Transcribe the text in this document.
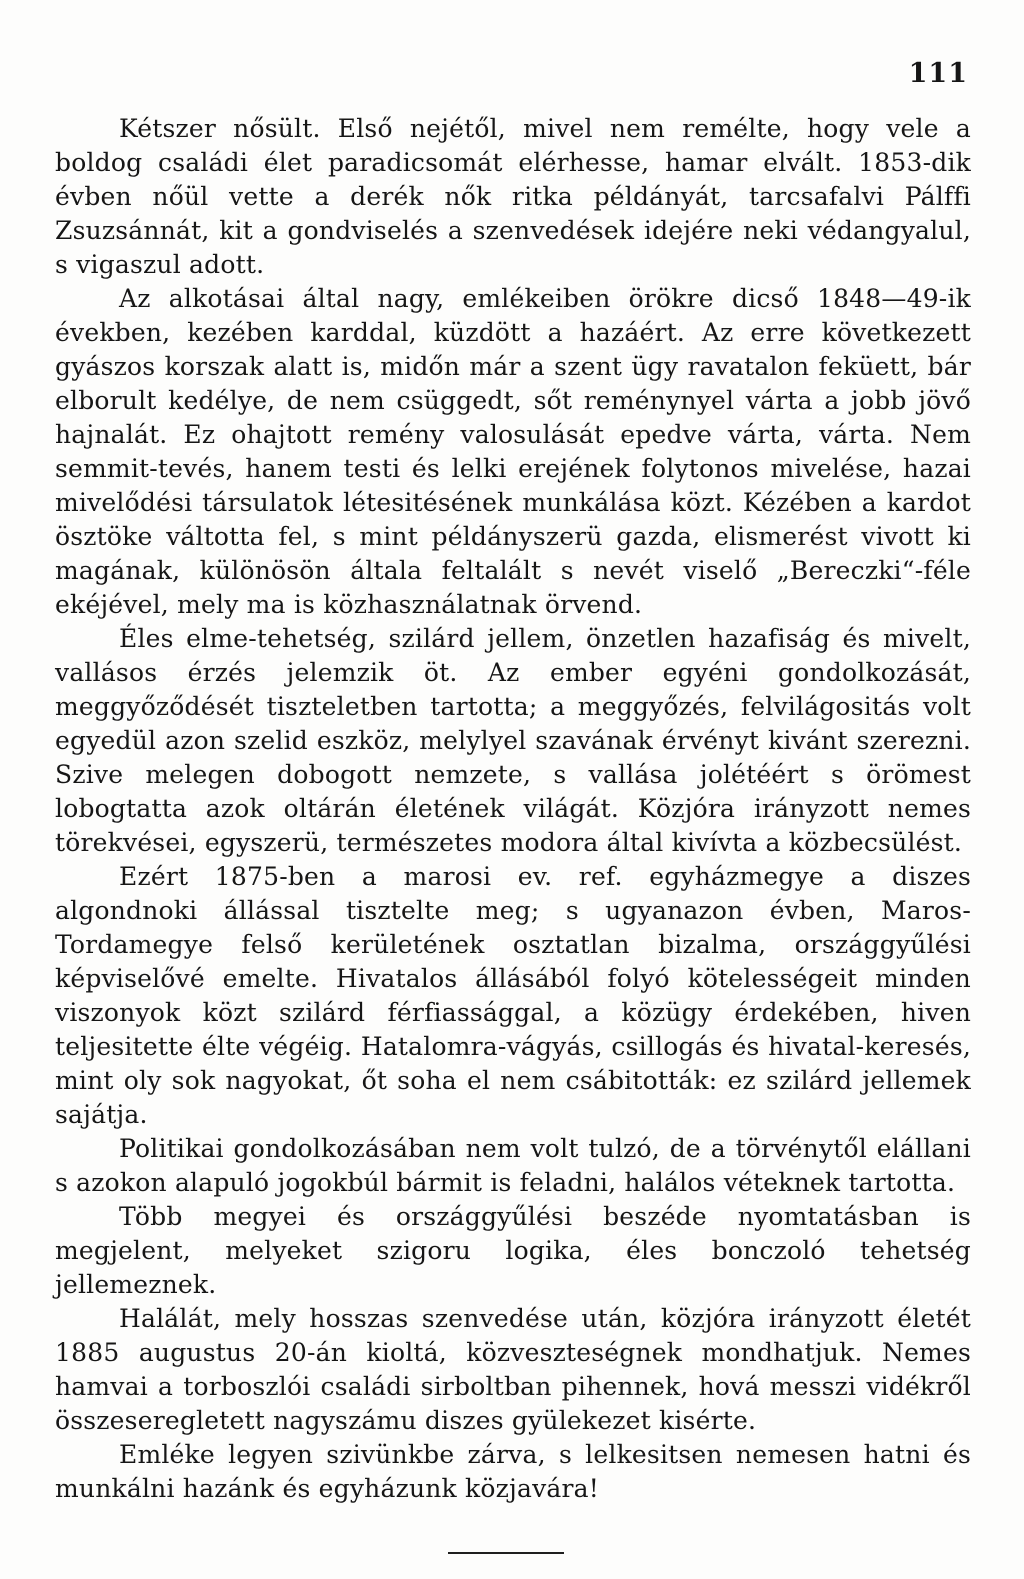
111

Kétszer nősült. Első nejétől, mivel nem remélte, hogy vele a boldog családi élet paradicsomát elérhesse, hamar elvált. 1853-dik évben nőül vette a derék nők ritka példányát, tarcsafalvi Pálffi Zsuzsánnát, kit a gondviselés a szenvedések idejére neki védangyalul, s vigaszul adott.

Az alkotásai által nagy, emlékeiben örökre dicső 1848—49-ik években, kezében karddal, küzdött a hazáért. Az erre következett gyászos korszak alatt is, midőn már a szent ügy ravatalon feküett, bár elborult kedélye, de nem csüggedt, sőt reménynyel várta a jobb jövő hajnalát. Ez ohajtott remény valosulását epedve várta, várta. Nem semmit-tevés, hanem testi és lelki erejének folytonos mivelése, hazai mivelődési társulatok létesitésének munkálása közt. Kézében a kardot ösztöke váltotta fel, s mint példányszerü gazda, elismerést vivott ki magának, különösön általa feltalált s nevét viselő „Bereczki“-féle ekéjével, mely ma is közhasználatnak örvend.

Éles elme-tehetség, szilárd jellem, önzetlen hazafiság és mivelt, vallásos érzés jelemzik öt. Az ember egyéni gondolkozását, meggyőződését tiszteletben tartotta; a meggyőzés, felvilágositás volt egyedül azon szelid eszköz, melylyel szavának érvényt kivánt szerezni. Szive melegen dobogott nemzete, s vallása jolétéért s örömest lobogtatta azok oltárán életének világát. Közjóra irányzott nemes törekvései, egyszerü, természetes modora által kivívta a közbecsülést.

Ezért 1875-ben a marosi ev. ref. egyházmegye a diszes algondnoki állással tisztelte meg; s ugyanazon évben, Maros-Tordamegye felső kerületének osztatlan bizalma, országgyűlési képviselővé emelte. Hivatalos állásából folyó kötelességeit minden viszonyok közt szilárd férfiassággal, a közügy érdekében, hiven teljesitette élte végéig. Hatalomra-vágyás, csillogás és hivatal-keresés, mint oly sok nagyokat, őt soha el nem csábitották: ez szilárd jellemek sajátja.

Politikai gondolkozásában nem volt tulzó, de a törvénytől elállani s azokon alapuló jogokbúl bármit is feladni, halálos véteknek tartotta.

Több megyei és országgyűlési beszéde nyomtatásban is megjelent, melyeket szigoru logika, éles bonczoló tehetség jellemeznek.

Halálát, mely hosszas szenvedése után, közjóra irányzott életét 1885 augustus 20-án kioltá, közveszteségnek mondhatjuk. Nemes hamvai a torboszlói családi sirboltban pihennek, hová messzi vidékről összeseregletett nagyszámu diszes gyülekezet kisérte.

Emléke legyen szivünkbe zárva, s lelkesitsen nemesen hatni és munkálni hazánk és egyházunk közjavára!
